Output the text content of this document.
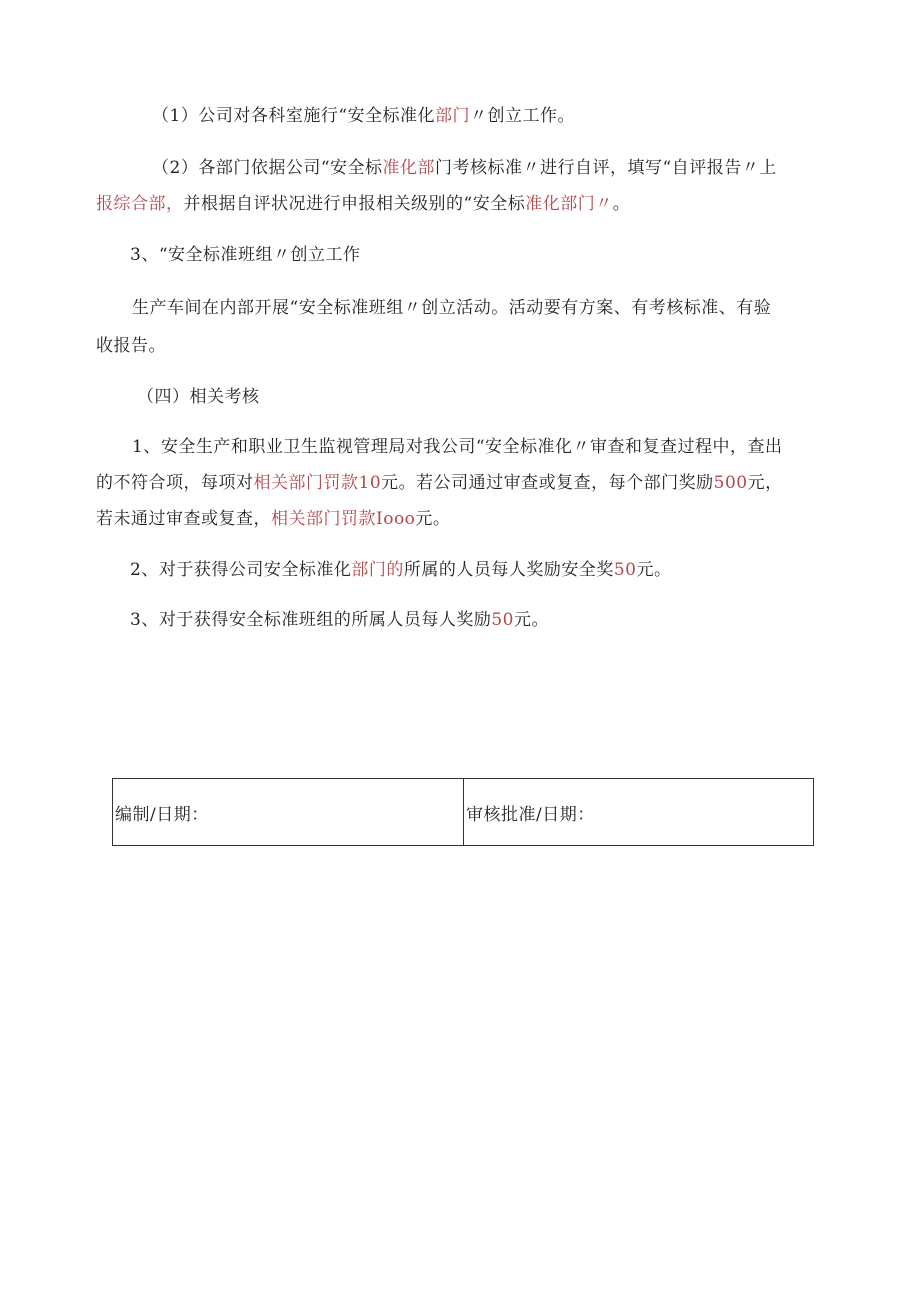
（1）公司对各科室施行“安全标准化部门〃创立工作。
（2）各部门依据公司“安全标准化部门考核标准〃进行自评，填写“自评报告〃上
报综合部，并根据自评状况进行申报相关级别的“安全标准化部门〃。
3、“安全标准班组〃创立工作
生产车间在内部开展“安全标准班组〃创立活动。活动要有方案、有考核标准、有验
收报告。
（四）相关考核
1、安全生产和职业卫生监视管理局对我公司“安全标准化〃审查和复查过程中，查出
的不符合项，每项对相关部门罚款10元。若公司通过审查或复查，每个部门奖励500元，
若未通过审查或复查，相关部门罚款Iooo元。
2、对于获得公司安全标准化部门的所属的人员每人奖励安全奖50元。
3、对于获得安全标准班组的所属人员每人奖励50元。
编制/日期：	审核批准/日期：
